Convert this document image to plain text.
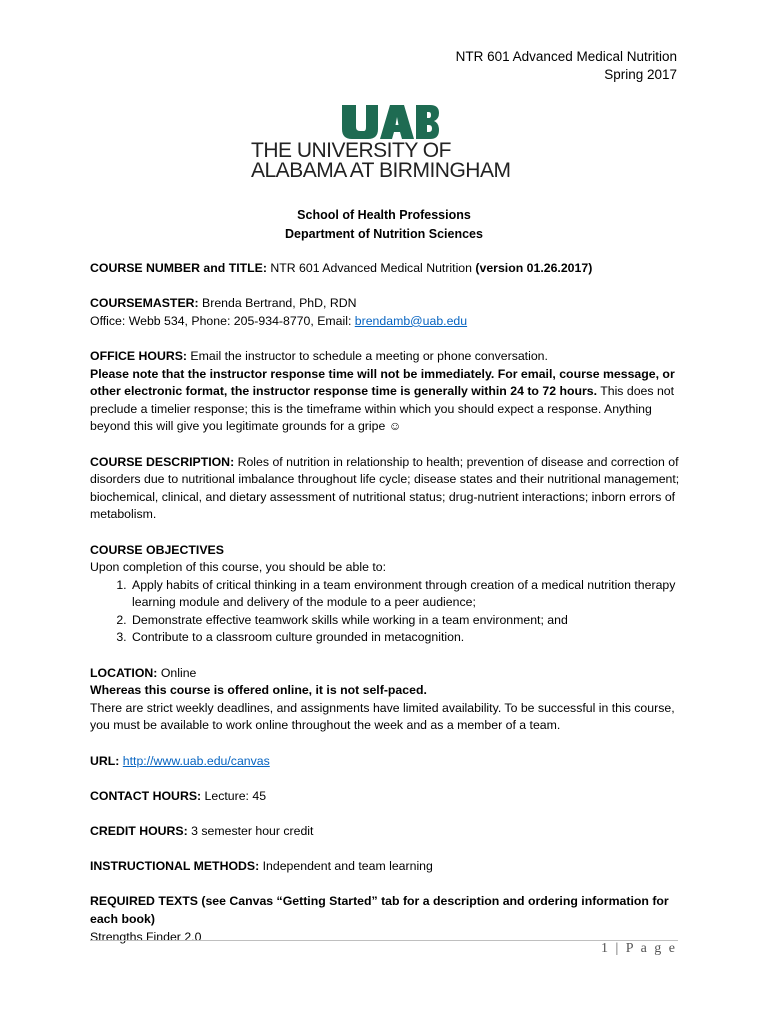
NTR 601 Advanced Medical Nutrition
Spring 2017
THE UNIVERSITY OF
ALABAMA AT BIRMINGHAM
School of Health Professions
Department of Nutrition Sciences

COURSE NUMBER and TITLE: NTR 601 Advanced Medical Nutrition (version 01.26.2017)

COURSEMASTER: Brenda Bertrand, PhD, RDN
Office: Webb 534, Phone: 205-934-8770, Email: brendamb@uab.edu

OFFICE HOURS: Email the instructor to schedule a meeting or phone conversation.
Please note that the instructor response time will not be immediately. For email, course message, or other electronic format, the instructor response time is generally within 24 to 72 hours. This does not preclude a timelier response; this is the timeframe within which you should expect a response. Anything beyond this will give you legitimate grounds for a gripe ☺

COURSE DESCRIPTION: Roles of nutrition in relationship to health; prevention of disease and correction of disorders due to nutritional imbalance throughout life cycle; disease states and their nutritional management; biochemical, clinical, and dietary assessment of nutritional status; drug-nutrient interactions; inborn errors of metabolism.

COURSE OBJECTIVES
Upon completion of this course, you should be able to:
1. Apply habits of critical thinking in a team environment through creation of a medical nutrition therapy learning module and delivery of the module to a peer audience;
2. Demonstrate effective teamwork skills while working in a team environment; and
3. Contribute to a classroom culture grounded in metacognition.

LOCATION: Online
Whereas this course is offered online, it is not self-paced.
There are strict weekly deadlines, and assignments have limited availability. To be successful in this course, you must be available to work online throughout the week and as a member of a team.

URL: http://www.uab.edu/canvas

CONTACT HOURS: Lecture: 45

CREDIT HOURS: 3 semester hour credit

INSTRUCTIONAL METHODS: Independent and team learning

REQUIRED TEXTS (see Canvas “Getting Started” tab for a description and ordering information for each book)
Strengths Finder 2.0

1 | P a g e
